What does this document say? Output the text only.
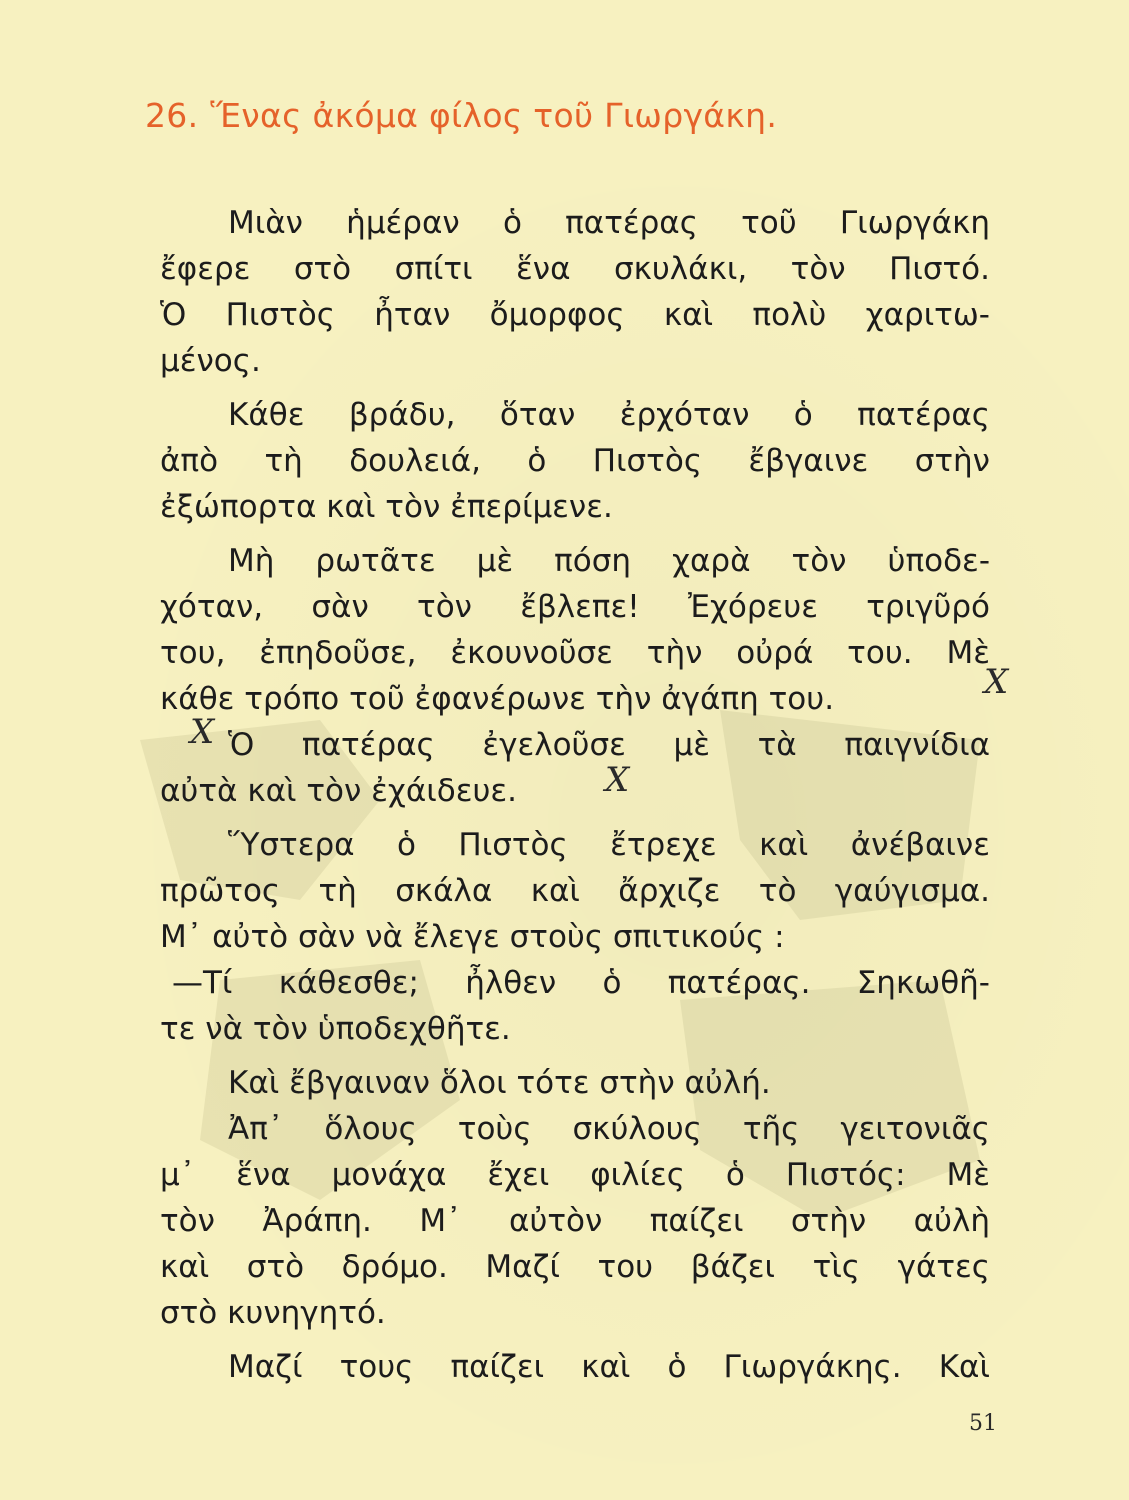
26. Ἕνας ἀκόμα φίλος τοῦ Γιωργάκη.
Μιὰν ἡμέραν ὁ πατέρας τοῦ Γιωργάκη
ἔφερε στὸ σπίτι ἕνα σκυλάκι, τὸν Πιστό.
Ὁ Πιστὸς ἦταν ὄμορφος καὶ πολὺ χαριτω-
μένος.
Κάθε βράδυ, ὅταν ἐρχόταν ὁ πατέρας
ἀπὸ τὴ δουλειά, ὁ Πιστὸς ἔβγαινε στὴν
ἐξώπορτα καὶ τὸν ἐπερίμενε.
Μὴ ρωτᾶτε μὲ πόση χαρὰ τὸν ὑποδε-
χόταν, σὰν τὸν ἔβλεπε! Ἐχόρευε τριγῦρό
του, ἐπηδοῦσε, ἐκουνοῦσε τὴν οὐρά του. Μὲ
κάθε τρόπο τοῦ ἐφανέρωνε τὴν ἀγάπη του.
Ὁ πατέρας ἐγελοῦσε μὲ τὰ παιγνίδια
αὐτὰ καὶ τὸν ἐχάιδευε.
Ὕστερα ὁ Πιστὸς ἔτρεχε καὶ ἀνέβαινε
πρῶτος τὴ σκάλα καὶ ἄρχιζε τὸ γαύγισμα.
Μ᾽ αὐτὸ σὰν νὰ ἔλεγε στοὺς σπιτικούς :
—Τί κάθεσθε; ἦλθεν ὁ πατέρας. Σηκωθῆ-
τε νὰ τὸν ὑποδεχθῆτε.
Καὶ ἔβγαιναν ὅλοι τότε στὴν αὐλή.
Ἀπ᾽ ὅλους τοὺς σκύλους τῆς γειτονιᾶς
μ᾽ ἕνα μονάχα ἔχει φιλίες ὁ Πιστός: Μὲ
τὸν Ἀράπη. Μ᾽ αὐτὸν παίζει στὴν αὐλὴ
καὶ στὸ δρόμο. Μαζί του βάζει τὶς γάτες
στὸ κυνηγητό.
Μαζί τους παίζει καὶ ὁ Γιωργάκης. Καὶ
X
X
X
51
